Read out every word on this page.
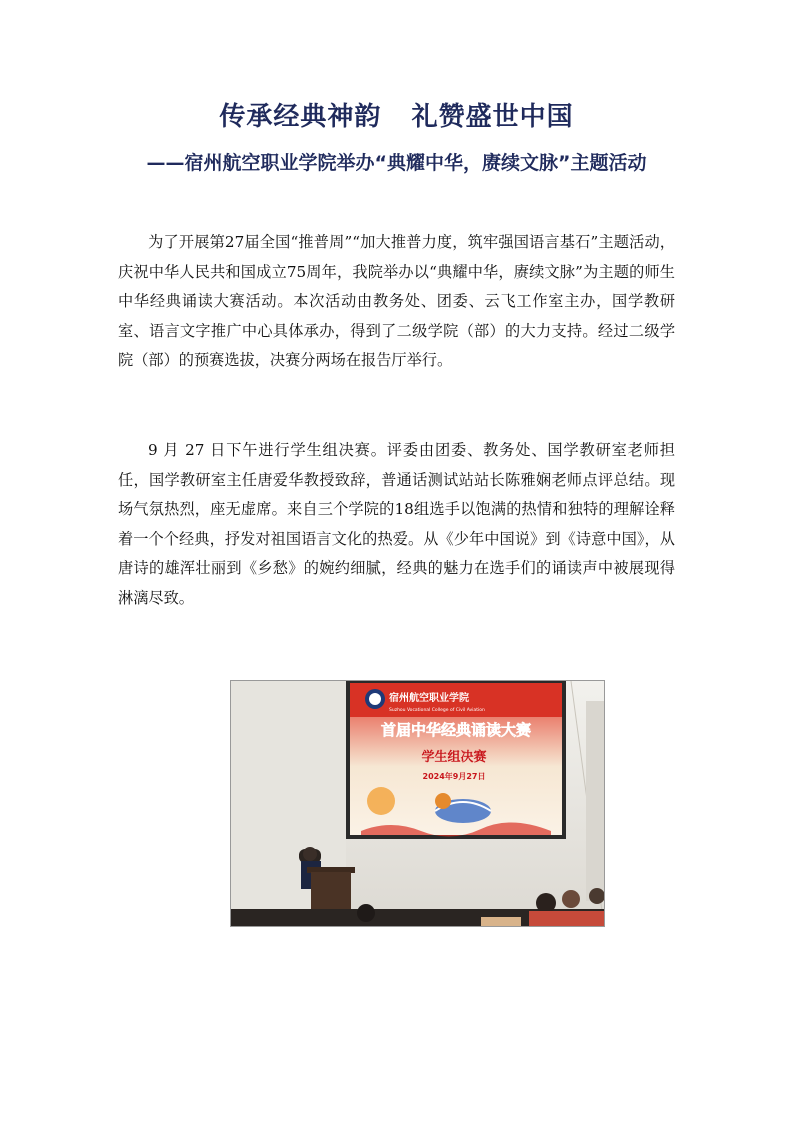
传承经典神韵   礼赞盛世中国
——宿州航空职业学院举办“典耀中华，赓续文脉”主题活动

为了开展第27届全国“推普周”“加大推普力度，筑牢强国语言基石”主题活动，庆祝中华人民共和国成立75周年，我院举办以“典耀中华，赓续文脉”为主题的师生中华经典诵读大赛活动。本次活动由教务处、团委、云飞工作室主办，国学教研室、语言文字推广中心具体承办，得到了二级学院（部）的大力支持。经过二级学院（部）的预赛选拔，决赛分两场在报告厅举行。

9 月 27 日下午进行学生组决赛。评委由团委、教务处、国学教研室老师担任，国学教研室主任唐爱华教授致辞，普通话测试站站长陈雅娴老师点评总结。现场气氛热烈，座无虚席。来自三个学院的18组选手以饱满的热情和独特的理解诠释着一个个经典，抒发对祖国语言文化的热爱。从《少年中国说》到《诗意中国》，从唐诗的雄浑壮丽到《乡愁》的婉约细腻，经典的魅力在选手们的诵读声中被展现得淋漓尽致。

宿州航空职业学院
Suzhou Vocational College of Civil Aviation
首届中华经典诵读大赛
学生组决赛
2024年9月27日
